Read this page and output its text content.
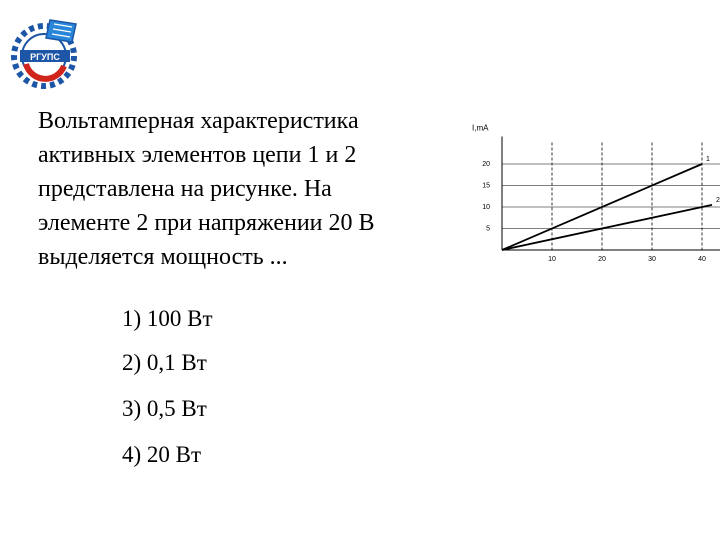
РГУПС

Вольтамперная характеристика

активных элементов цепи 1 и 2

представлена на рисунке. На

элементе 2 при напряжении 20 В

выделяется мощность ...

1) 100 Вт
2) 0,1 Вт
3) 0,5 Вт
4) 20 Вт
1
2
10	20	30	40
5
10
15
20
I,mA
